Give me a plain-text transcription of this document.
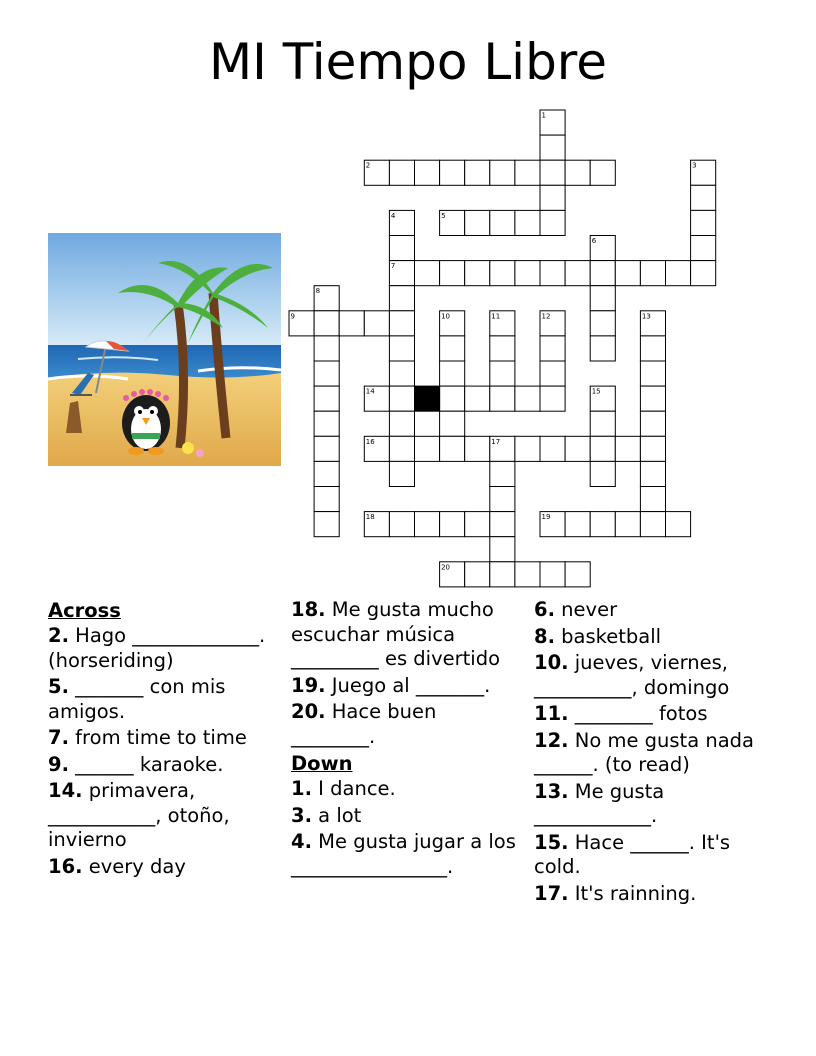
MI Tiempo Libre
1
2	3
4	5
6
7
8
9	10	11	12	13
14	15
16	17
18	19
20
Across
2. Hago _____________. (horseriding)
5. _______ con mis amigos.
7. from time to time
9. ______ karaoke.
14. primavera, ___________, otoño, invierno
16. every day
18. Me gusta mucho escuchar música _________ es divertido
19. Juego al _______.
20. Hace buen ________.
Down
1. I dance.
3. a lot
4. Me gusta jugar a los ________________.
6. never
8. basketball
10. jueves, viernes, __________, domingo
11. ________ fotos
12. No me gusta nada ______. (to read)
13. Me gusta ____________.
15. Hace ______. It's cold.
17. It's rainning.
